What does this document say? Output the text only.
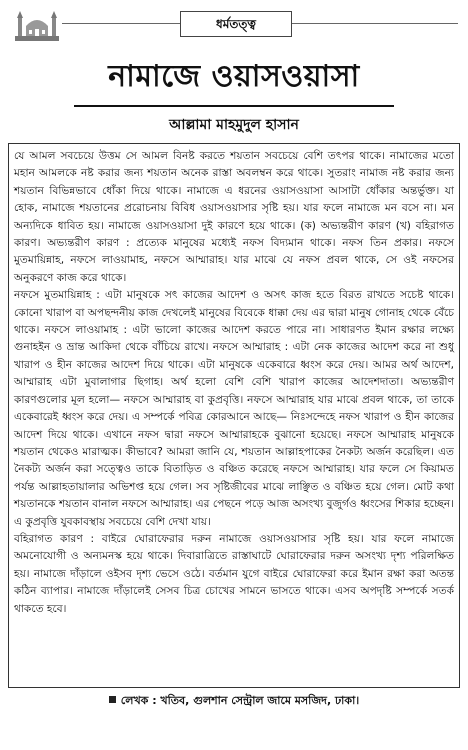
ধর্মতত্ত্ব
নামাজে ওয়াসওয়াসা
আল্লামা মাহমুদুল হাসান

যে আমল সবচেয়ে উত্তম সে আমল বিনষ্ট করতে শয়তান সবচেয়ে বেশি তৎপর থাকে। নামাজের মতো মহান আমলকে নষ্ট করার জন্য শয়তান অনেক রাস্তা অবলম্বন করে থাকে। সুতরাং নামাজ নষ্ট করার জন্য শয়তান বিভিন্নভাবে ধোঁকা দিয়ে থাকে। নামাজে এ ধরনের ওয়াসওয়াসা আসাটা ধোঁকার অন্তর্ভুক্ত। যা হোক, নামাজে শয়তানের প্ররোচনায় বিবিধ ওয়াসওয়াসার সৃষ্টি হয়। যার ফলে নামাজে মন বসে না। মন অন্যদিকে ধাবিত হয়। নামাজে ওয়াসওয়াসা দুই কারণে হয়ে থাকে। (ক) অভ্যন্তরীণ কারণ (খ) বহিরাগত কারণ। অভ্যন্তরীণ কারণ : প্রত্যেক মানুষের মধ্যেই নফস বিদ্যমান থাকে। নফস তিন প্রকার। নফসে মুতমায়িন্নাহ, নফসে লাওয়ামাহ, নফসে আম্মারাহ। যার মাঝে যে নফস প্রবল থাকে, সে ওই নফসের অনুকরণে কাজ করে থাকে।

নফসে মুতমায়িন্নাহ : এটা মানুষকে সৎ কাজের আদেশ ও অসৎ কাজ হতে বিরত রাখতে সচেষ্ট থাকে। কোনো খারাপ বা অপছন্দনীয় কাজ দেখলেই মানুষের বিবেকে ধাক্কা দেয় এর দ্বারা মানুষ গোনাহ থেকে বেঁচে থাকে। নফসে লাওয়ামাহ : এটা ভালো কাজের আদেশ করতে পারে না। সাধারণত ইমান রক্ষার লক্ষ্যে গুনাহইন ও ভ্রান্ত আকিদা থেকে বাঁচিয়ে রাখে। নফসে আম্মারাহ : এটা নেক কাজের আদেশ করে না শুধু খারাপ ও হীন কাজের আদেশ দিয়ে থাকে। এটা মানুষকে একেবারে ধ্বংস করে দেয়। আমর অর্থ আদেশ, আম্মারাহ এটা মুবালাগার ছিগাহ। অর্থ হলো বেশি বেশি খারাপ কাজের আদেশদাতা। অভ্যন্তরীণ কারণগুলোর মূল হলো— নফসে আম্মারাহ বা কুপ্রবৃত্তি। নফসে আম্মারাহ যার মাঝে প্রবল থাকে, তা তাকে একেবারেই ধ্বংস করে দেয়। এ সম্পর্কে পবিত্র কোরআনে আছে— নিঃসন্দেহে নফস খারাপ ও হীন কাজের আদেশ দিয়ে থাকে। এখানে নফস দ্বারা নফসে আম্মারাহকে বুঝানো হয়েছে। নফসে আম্মারাহ মানুষকে শয়তান থেকেও মারাত্মক। কীভাবে? আমরা জানি যে, শয়তান আল্লাহপাকের নৈকট্য অর্জন করেছিল। এত নৈকট্য অর্জন করা সত্ত্বেও তাকে বিতাড়িত ও বঞ্চিত করেছে নফসে আম্মারাহ। যার ফলে সে কিয়ামত পর্যন্ত আল্লাহতায়ালার অভিশপ্ত হয়ে গেল। সব সৃষ্টিজীবের মাঝে লাঞ্ছিত ও বঞ্চিত হয়ে গেল। মোট কথা শয়তানকে শয়তান বানাল নফসে আম্মারাহ। এর পেছনে পড়ে আজ অসংখ্য বুজুর্গও ধ্বংসের শিকার হচ্ছেন। এ কুপ্রবৃত্তি যুবকাবস্থায় সবচেয়ে বেশি দেখা যায়।

বহিরাগত কারণ : বাইরে ঘোরাফেরার দরুন নামাজে ওয়াসওয়াসার সৃষ্টি হয়। যার ফলে নামাজে অমনোযোগী ও অন্যমনস্ক হয়ে থাকে। দিবারাত্রিতে রাস্তাঘাটে ঘোরাফেরার দরুন অসংখ্য দৃশ্য পরিলক্ষিত হয়। নামাজে দাঁড়ালে ওইসব দৃশ্য ভেসে ওঠে। বর্তমান যুগে বাইরে ঘোরাফেরা করে ইমান রক্ষা করা অতন্ত কঠিন ব্যাপার। নামাজে দাঁড়ালেই সেসব চিত্র চোখের সামনে ভাসতে থাকে। এসব অপদৃষ্টি সম্পর্কে সতর্ক থাকতে হবে।

লেখক : খতিব, গুলশান সেন্ট্রাল জামে মসজিদ, ঢাকা।
